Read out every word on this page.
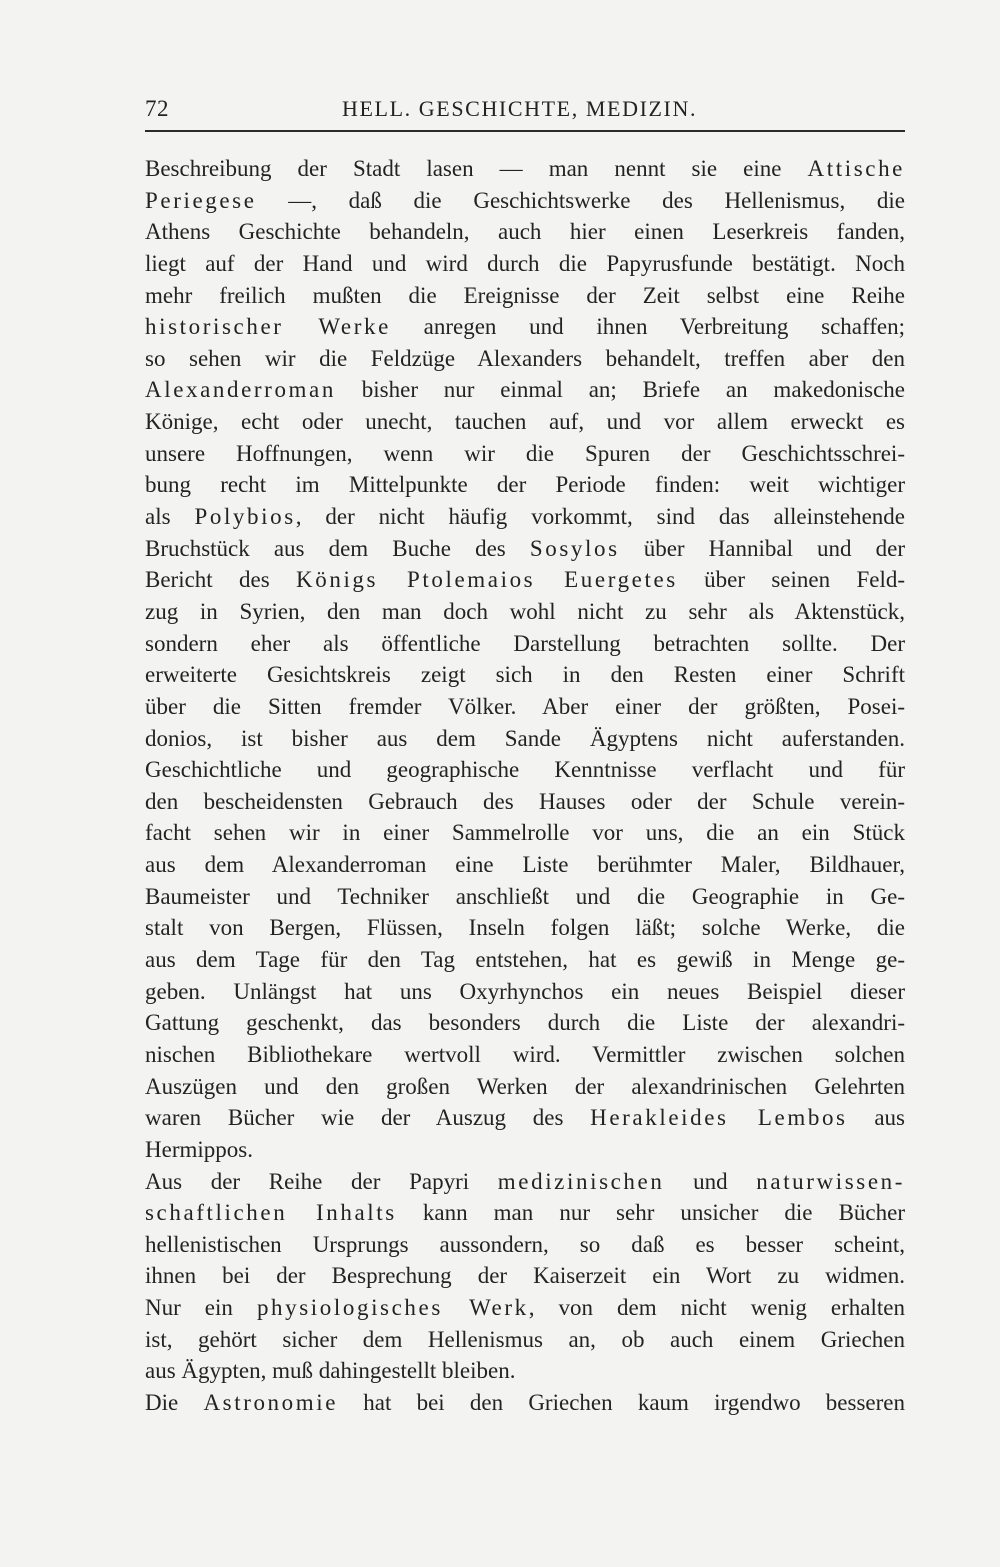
72	HELL. GESCHICHTE, MEDIZIN.
Beschreibung der Stadt lasen — man nennt sie eine Attische
Periegese —, daß die Geschichtswerke des Hellenismus, die
Athens Geschichte behandeln, auch hier einen Leserkreis fanden,
liegt auf der Hand und wird durch die Papyrusfunde bestätigt. Noch
mehr freilich mußten die Ereignisse der Zeit selbst eine Reihe
historischer Werke anregen und ihnen Verbreitung schaffen;
so sehen wir die Feldzüge Alexanders behandelt, treffen aber den
Alexanderroman bisher nur einmal an; Briefe an makedonische
Könige, echt oder unecht, tauchen auf, und vor allem erweckt es
unsere Hoffnungen, wenn wir die Spuren der Geschichtsschrei-
bung recht im Mittelpunkte der Periode finden: weit wichtiger
als Polybios, der nicht häufig vorkommt, sind das alleinstehende
Bruchstück aus dem Buche des Sosylos über Hannibal und der
Bericht des Königs Ptolemaios Euergetes über seinen Feld-
zug in Syrien, den man doch wohl nicht zu sehr als Aktenstück,
sondern eher als öffentliche Darstellung betrachten sollte. Der
erweiterte Gesichtskreis zeigt sich in den Resten einer Schrift
über die Sitten fremder Völker. Aber einer der größten, Posei-
donios, ist bisher aus dem Sande Ägyptens nicht auferstanden.
Geschichtliche und geographische Kenntnisse verflacht und für
den bescheidensten Gebrauch des Hauses oder der Schule verein-
facht sehen wir in einer Sammelrolle vor uns, die an ein Stück
aus dem Alexanderroman eine Liste berühmter Maler, Bildhauer,
Baumeister und Techniker anschließt und die Geographie in Ge-
stalt von Bergen, Flüssen, Inseln folgen läßt; solche Werke, die
aus dem Tage für den Tag entstehen, hat es gewiß in Menge ge-
geben. Unlängst hat uns Oxyrhynchos ein neues Beispiel dieser
Gattung geschenkt, das besonders durch die Liste der alexandri-
nischen Bibliothekare wertvoll wird. Vermittler zwischen solchen
Auszügen und den großen Werken der alexandrinischen Gelehrten
waren Bücher wie der Auszug des Herakleides Lembos aus
Hermippos.
Aus der Reihe der Papyri medizinischen und naturwissen-
schaftlichen Inhalts kann man nur sehr unsicher die Bücher
hellenistischen Ursprungs aussondern, so daß es besser scheint,
ihnen bei der Besprechung der Kaiserzeit ein Wort zu widmen.
Nur ein physiologisches Werk, von dem nicht wenig erhalten
ist, gehört sicher dem Hellenismus an, ob auch einem Griechen
aus Ägypten, muß dahingestellt bleiben.
Die Astronomie hat bei den Griechen kaum irgendwo besseren
